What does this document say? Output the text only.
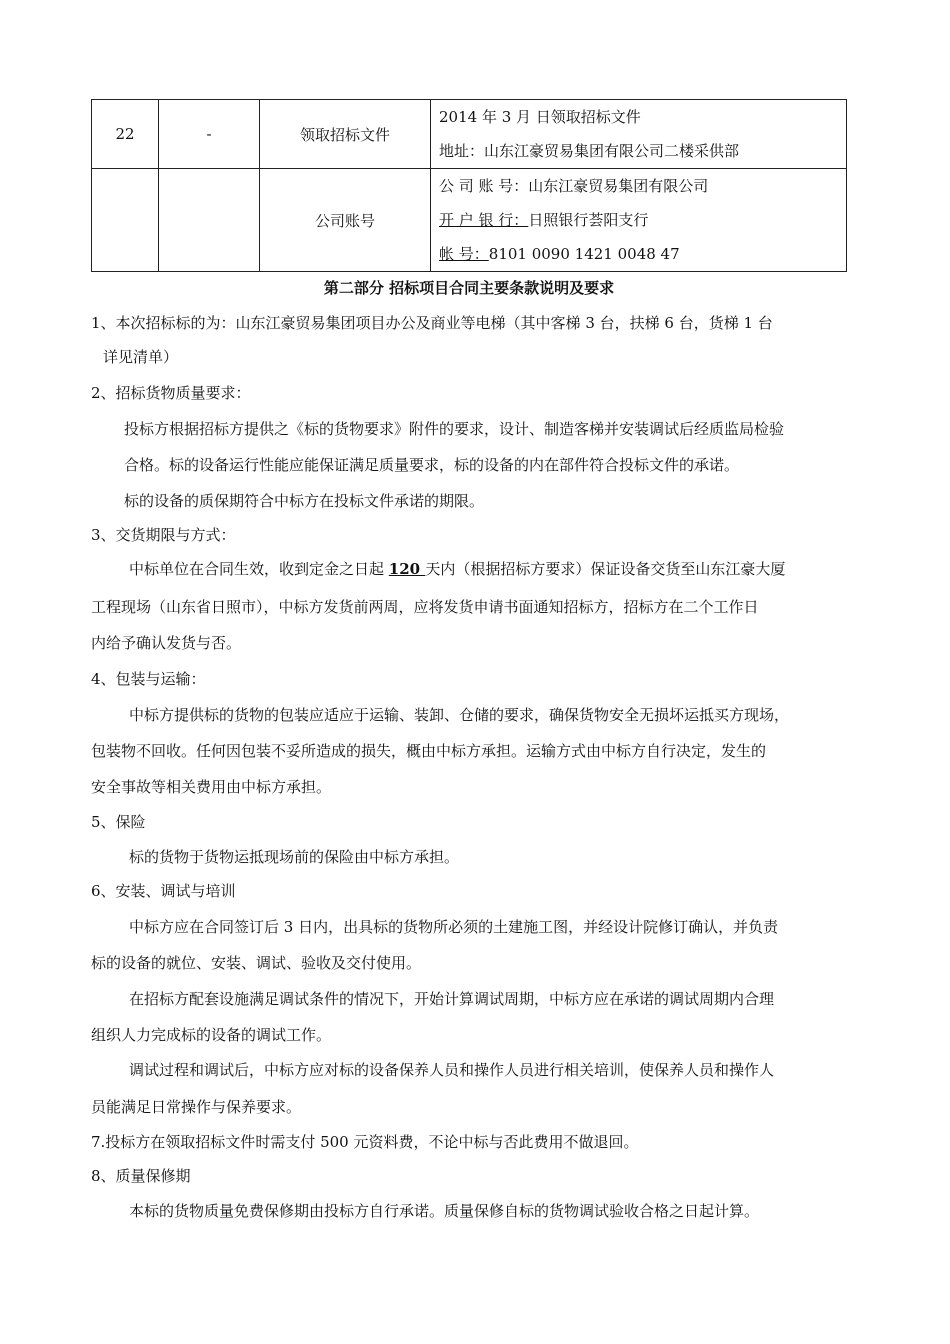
22	-	领取招标文件	2014 年 3 月 日领取招标文件
地址：山东江豪贸易集团有限公司二楼采供部

		公司账号	公 司 账 号：山东江豪贸易集团有限公司
开 户 银 行：日照银行荟阳支行
帐 号：8101 0090 1421 0048 47
第二部分 招标项目合同主要条款说明及要求
1、本次招标标的为：山东江豪贸易集团项目办公及商业等电梯（其中客梯 3 台，扶梯 6 台，货梯 1 台
详见清单）
2、招标货物质量要求：
投标方根据招标方提供之《标的货物要求》附件的要求，设计、制造客梯并安装调试后经质监局检验
合格。标的设备运行性能应能保证满足质量要求，标的设备的内在部件符合投标文件的承诺。
标的设备的质保期符合中标方在投标文件承诺的期限。
3、交货期限与方式：
中标单位在合同生效，收到定金之日起 120 天内（根据招标方要求）保证设备交货至山东江豪大厦
工程现场（山东省日照市），中标方发货前两周，应将发货申请书面通知招标方，招标方在二个工作日
内给予确认发货与否。
4、包装与运输：
中标方提供标的货物的包装应适应于运输、装卸、仓储的要求，确保货物安全无损坏运抵买方现场，
包装物不回收。任何因包装不妥所造成的损失，概由中标方承担。运输方式由中标方自行决定，发生的
安全事故等相关费用由中标方承担。
5、保险
标的货物于货物运抵现场前的保险由中标方承担。
6、安装、调试与培训
中标方应在合同签订后 3 日内，出具标的货物所必须的土建施工图，并经设计院修订确认，并负责
标的设备的就位、安装、调试、验收及交付使用。
在招标方配套设施满足调试条件的情况下，开始计算调试周期，中标方应在承诺的调试周期内合理
组织人力完成标的设备的调试工作。
调试过程和调试后，中标方应对标的设备保养人员和操作人员进行相关培训，使保养人员和操作人
员能满足日常操作与保养要求。
7.投标方在领取招标文件时需支付 500 元资料费，不论中标与否此费用不做退回。
8、质量保修期
本标的货物质量免费保修期由投标方自行承诺。质量保修自标的货物调试验收合格之日起计算。
